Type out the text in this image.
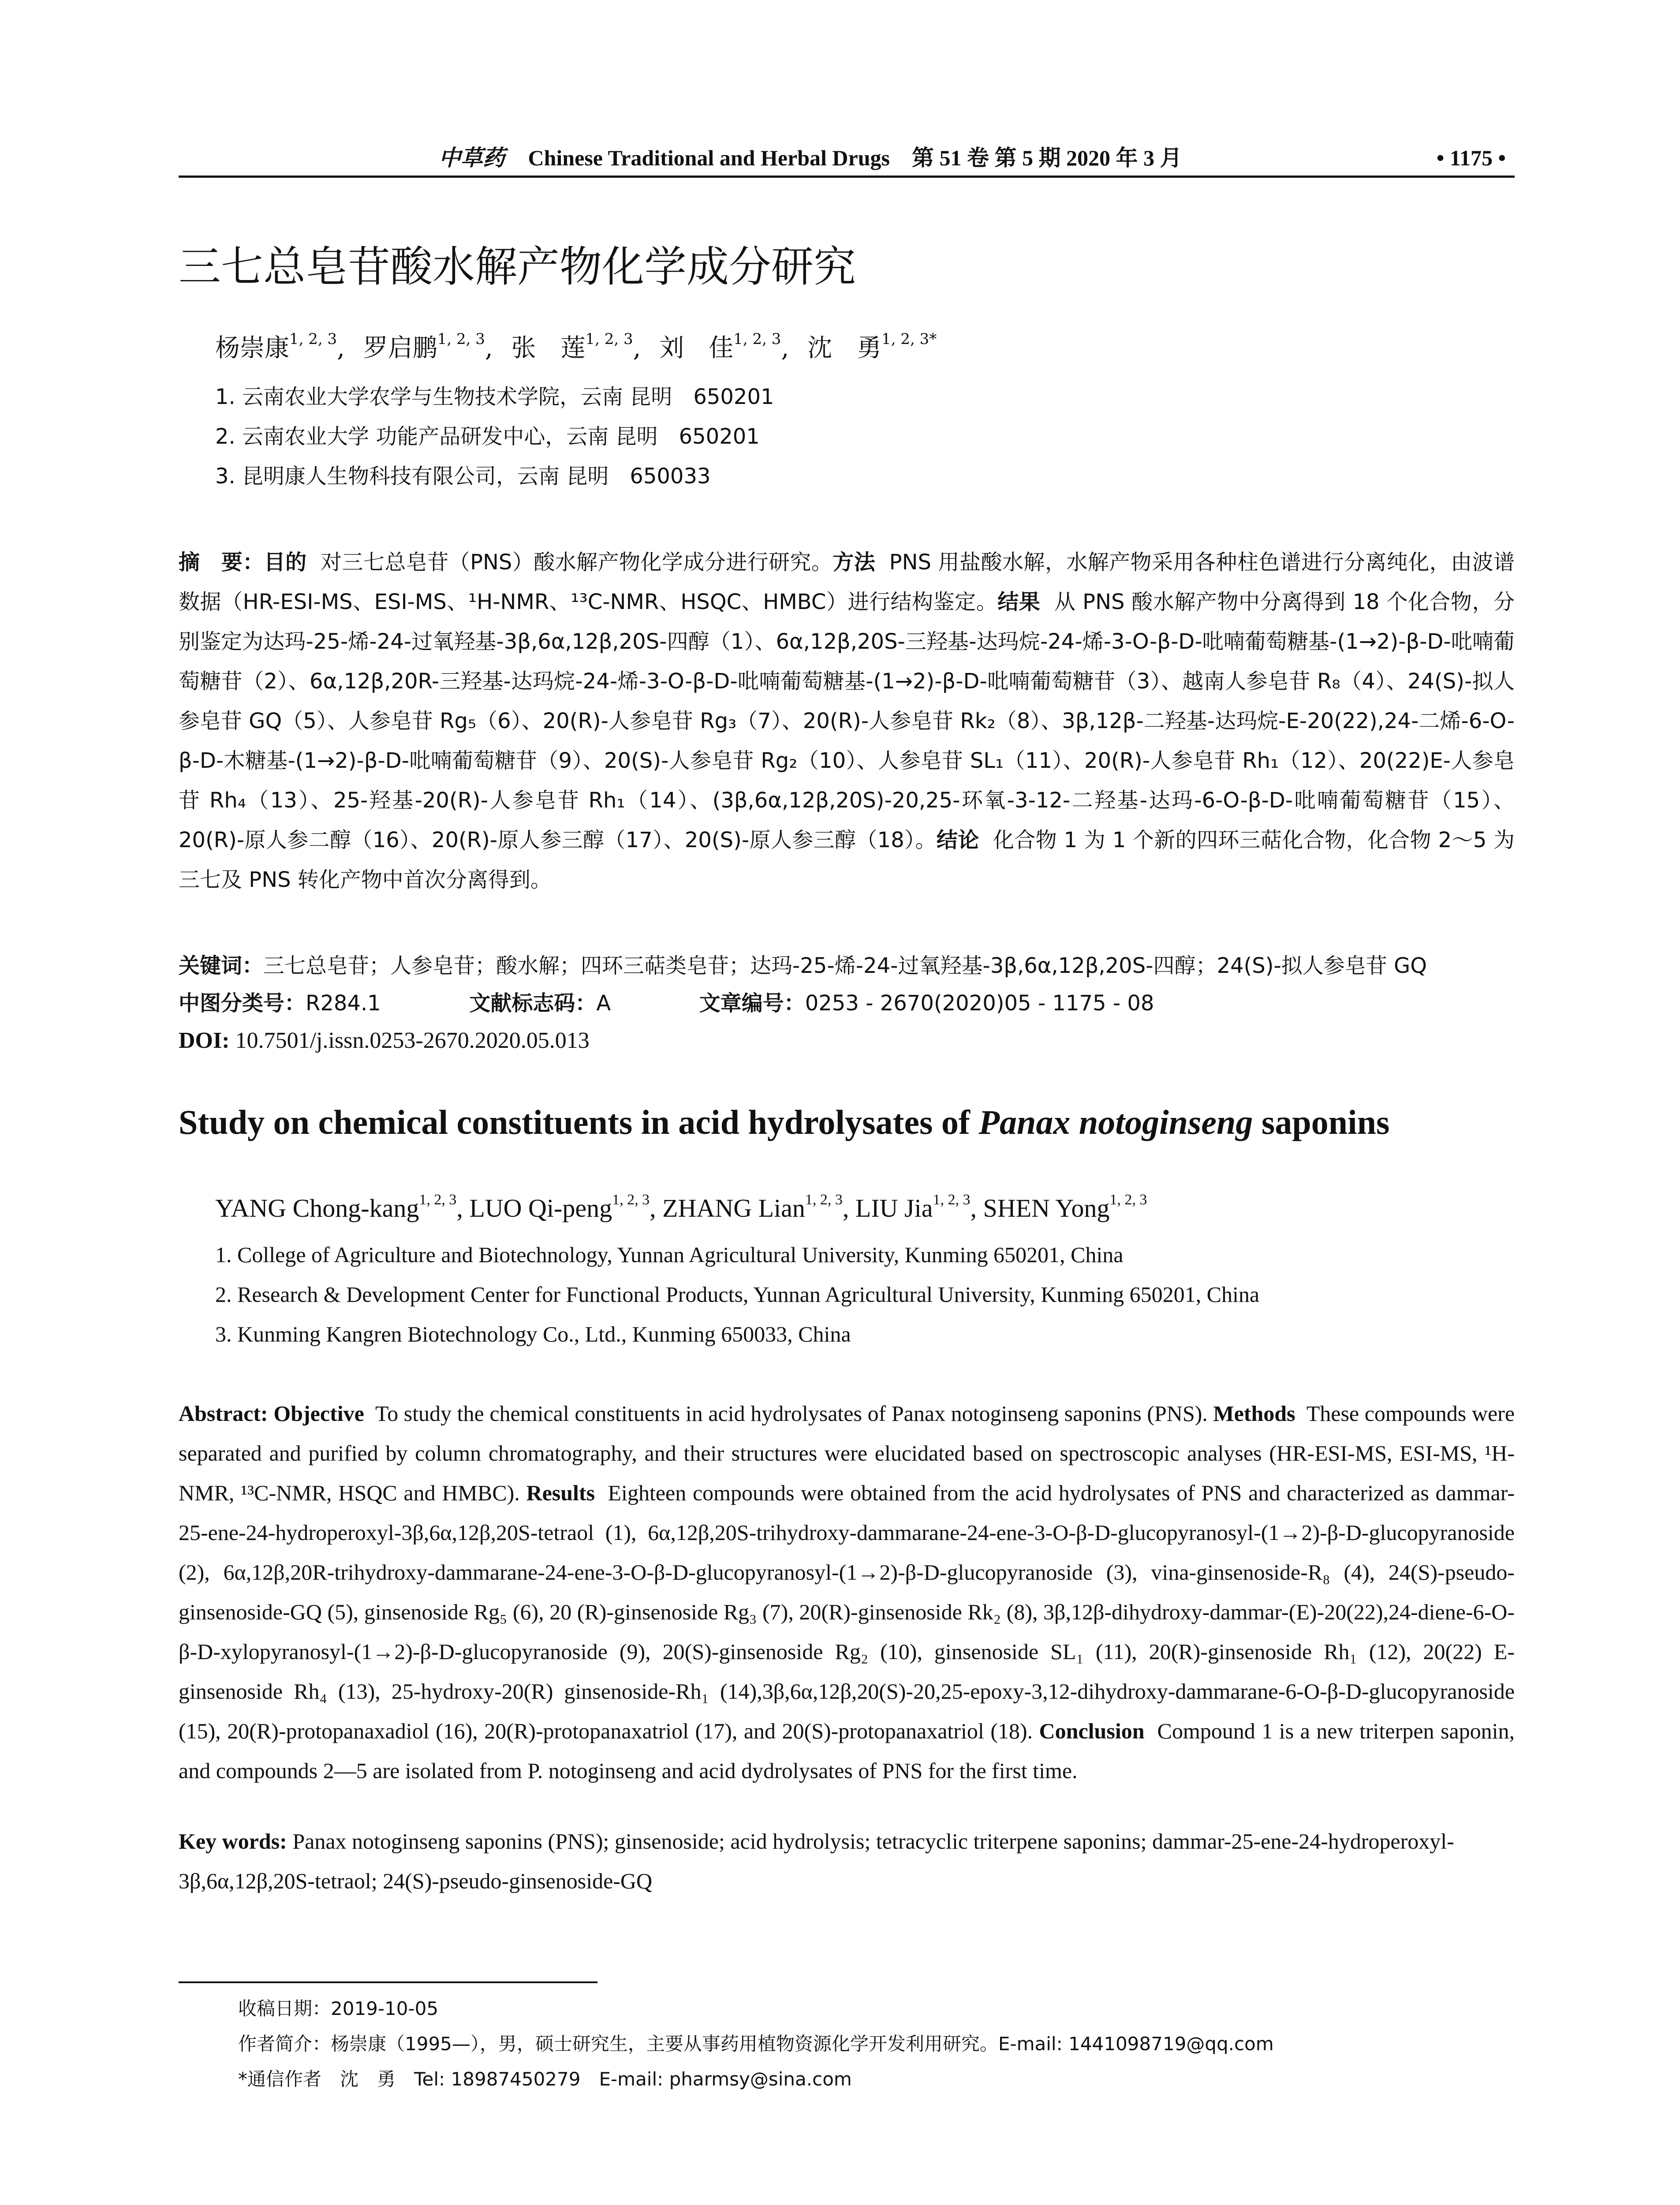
中草药 Chinese Traditional and Herbal Drugs 第 51 卷 第 5 期 2020 年 3 月	• 1175 •
三七总皂苷酸水解产物化学成分研究
杨崇康$^{1, 2, 3}$, 罗启鹏$^{1, 2, 3}$, 张　莲$^{1, 2, 3}$, 刘　佳$^{1, 2, 3}$, 沈　勇$^{1, 2, 3*}$
1. 云南农业大学农学与生物技术学院，云南 昆明　650201
2. 云南农业大学 功能产品研发中心，云南 昆明　650201
3. 昆明康人生物科技有限公司，云南 昆明　650033
摘　要：目的 对三七总皂苷（PNS）酸水解产物化学成分进行研究。方法 PNS 用盐酸水解，水解产物采用各种柱色谱进行分离纯化，由波谱数据（HR-ESI-MS、ESI-MS、¹H-NMR、¹³C-NMR、HSQC、HMBC）进行结构鉴定。结果 从 PNS 酸水解产物中分离得到 18 个化合物，分别鉴定为达玛-25-烯-24-过氧羟基-3β,6α,12β,20S-四醇（1）、6α,12β,20S-三羟基-达玛烷-24-烯-3-O-β-D-吡喃葡萄糖基-(1→2)-β-D-吡喃葡萄糖苷（2）、6α,12β,20R-三羟基-达玛烷-24-烯-3-O-β-D-吡喃葡萄糖基-(1→2)-β-D-吡喃葡萄糖苷（3）、越南人参皂苷 R₈（4）、24(S)-拟人参皂苷 GQ（5）、人参皂苷 Rg₅（6）、20(R)-人参皂苷 Rg₃（7）、20(R)-人参皂苷 Rk₂（8）、3β,12β-二羟基-达玛烷-E-20(22),24-二烯-6-O-β-D-木糖基-(1→2)-β-D-吡喃葡萄糖苷（9）、20(S)-人参皂苷 Rg₂（10）、人参皂苷 SL₁（11）、20(R)-人参皂苷 Rh₁（12）、20(22)E-人参皂苷 Rh₄（13）、25-羟基-20(R)-人参皂苷 Rh₁（14）、(3β,6α,12β,20S)-20,25-环氧-3-12-二羟基-达玛-6-O-β-D-吡喃葡萄糖苷（15）、20(R)-原人参二醇（16）、20(R)-原人参三醇（17）、20(S)-原人参三醇（18）。结论 化合物 1 为 1 个新的四环三萜化合物，化合物 2～5 为三七及 PNS 转化产物中首次分离得到。
关键词：三七总皂苷；人参皂苷；酸水解；四环三萜类皂苷；达玛-25-烯-24-过氧羟基-3β,6α,12β,20S-四醇；24(S)-拟人参皂苷 GQ
中图分类号：R284.1	文献标志码：A	文章编号：0253 - 2670(2020)05 - 1175 - 08
DOI: 10.7501/j.issn.0253-2670.2020.05.013
Study on chemical constituents in acid hydrolysates of Panax notoginseng saponins
YANG Chong-kang$^{1, 2, 3}$, LUO Qi-peng$^{1, 2, 3}$, ZHANG Lian$^{1, 2, 3}$, LIU Jia$^{1, 2, 3}$, SHEN Yong$^{1, 2, 3}$
1. College of Agriculture and Biotechnology, Yunnan Agricultural University, Kunming 650201, China
2. Research & Development Center for Functional Products, Yunnan Agricultural University, Kunming 650201, China
3. Kunming Kangren Biotechnology Co., Ltd., Kunming 650033, China
Abstract: Objective To study the chemical constituents in acid hydrolysates of Panax notoginseng saponins (PNS). Methods These compounds were separated and purified by column chromatography, and their structures were elucidated based on spectroscopic analyses (HR-ESI-MS, ESI-MS, ¹H-NMR, ¹³C-NMR, HSQC and HMBC). Results Eighteen compounds were obtained from the acid hydrolysates of PNS and characterized as dammar-25-ene-24-hydroperoxyl-3β,6α,12β,20S-tetraol (1), 6α,12β,20S-trihydroxy-dammarane-24-ene-3-O-β-D-glucopyranosyl-(1→2)-β-D-glucopyranoside (2), 6α,12β,20R-trihydroxy-dammarane-24-ene-3-O-β-D-glucopyranosyl-(1→2)-β-D-glucopyranoside (3), vina-ginsenoside-R₈ (4), 24(S)-pseudo-ginsenoside-GQ (5), ginsenoside Rg₅ (6), 20 (R)-ginsenoside Rg₃ (7), 20(R)-ginsenoside Rk₂ (8), 3β,12β-dihydroxy-dammar-(E)-20(22),24-diene-6-O-β-D-xylopyranosyl-(1→2)-β-D-glucopyranoside (9), 20(S)-ginsenoside Rg₂ (10), ginsenoside SL₁ (11), 20(R)-ginsenoside Rh₁ (12), 20(22) E-ginsenoside Rh₄ (13), 25-hydroxy-20(R) ginsenoside-Rh₁ (14),3β,6α,12β,20(S)-20,25-epoxy-3,12-dihydroxy-dammarane-6-O-β-D-glucopyranoside (15), 20(R)-protopanaxadiol (16), 20(R)-protopanaxatriol (17), and 20(S)-protopanaxatriol (18). Conclusion Compound 1 is a new triterpen saponin, and compounds 2—5 are isolated from P. notoginseng and acid dydrolysates of PNS for the first time.
Key words: Panax notoginseng saponins (PNS); ginsenoside; acid hydrolysis; tetracyclic triterpene saponins; dammar-25-ene-24-hydroperoxyl-3β,6α,12β,20S-tetraol; 24(S)-pseudo-ginsenoside-GQ
收稿日期：2019-10-05
作者简介：杨崇康（1995—），男，硕士研究生，主要从事药用植物资源化学开发利用研究。E-mail: 1441098719@qq.com
*通信作者　沈　勇　Tel: 18987450279　E-mail: pharmsy@sina.com
